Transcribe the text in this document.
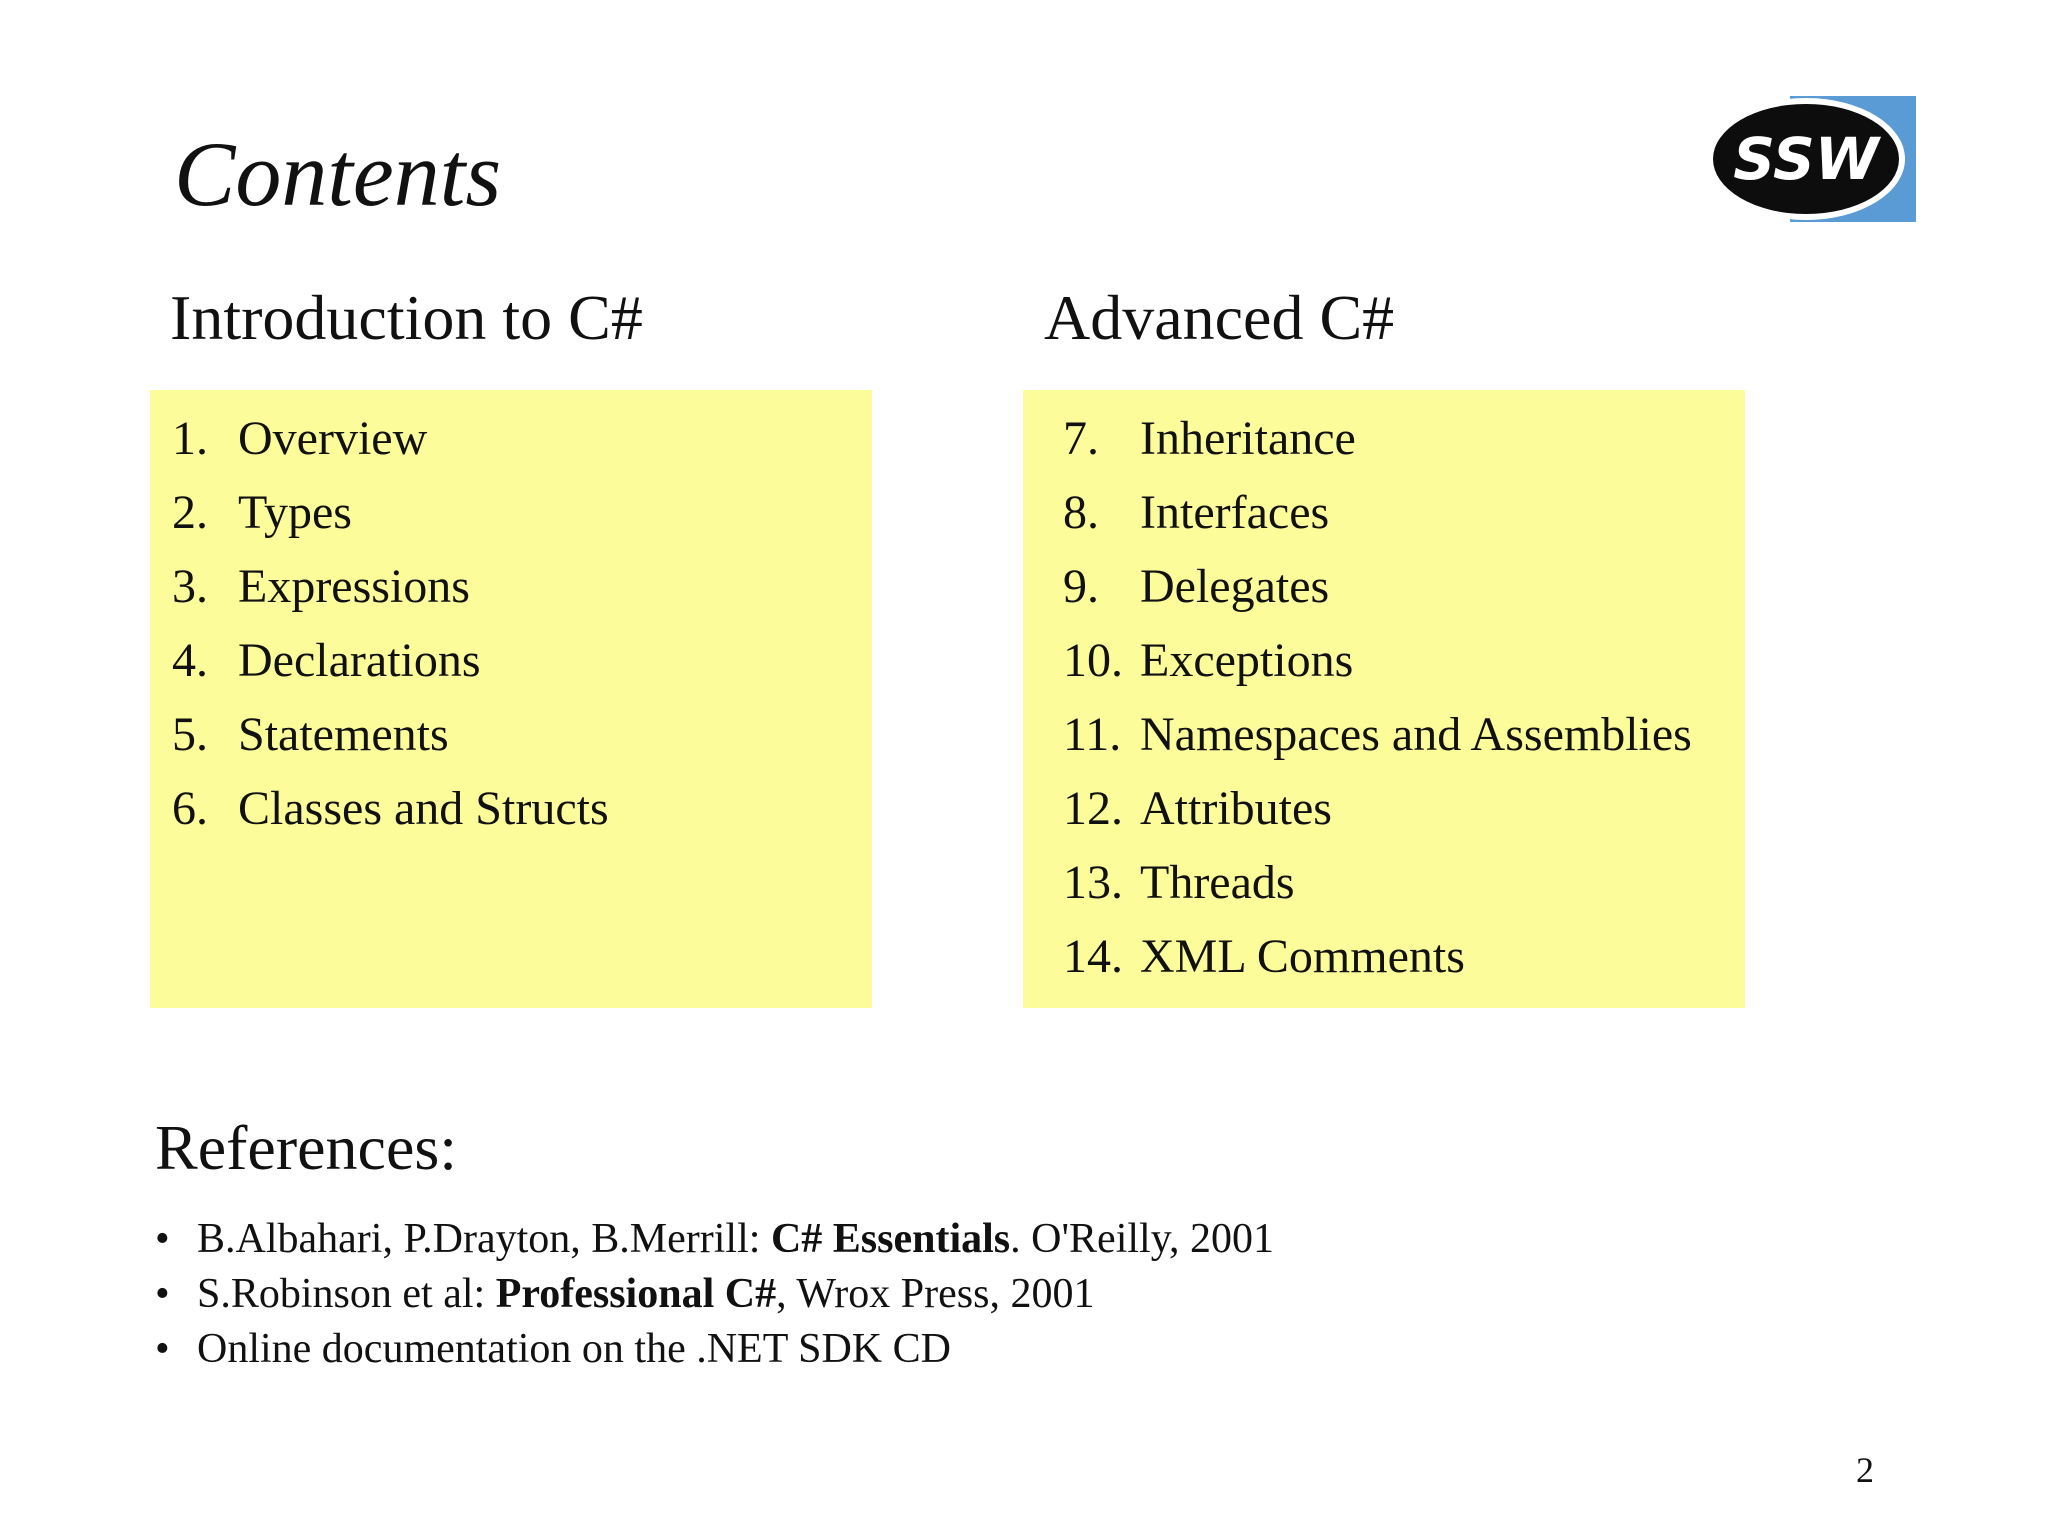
Contents	SSW
Introduction to C#	Advanced C#
1. Overview
2. Types
3. Expressions
4. Declarations
5. Statements
6. Classes and Structs
7. Inheritance
8. Interfaces
9. Delegates
10. Exceptions
11. Namespaces and Assemblies
12. Attributes
13. Threads
14. XML Comments
References:
• B.Albahari, P.Drayton, B.Merrill: C# Essentials. O'Reilly, 2001
• S.Robinson et al: Professional C#, Wrox Press, 2001
• Online documentation on the .NET SDK CD
2
